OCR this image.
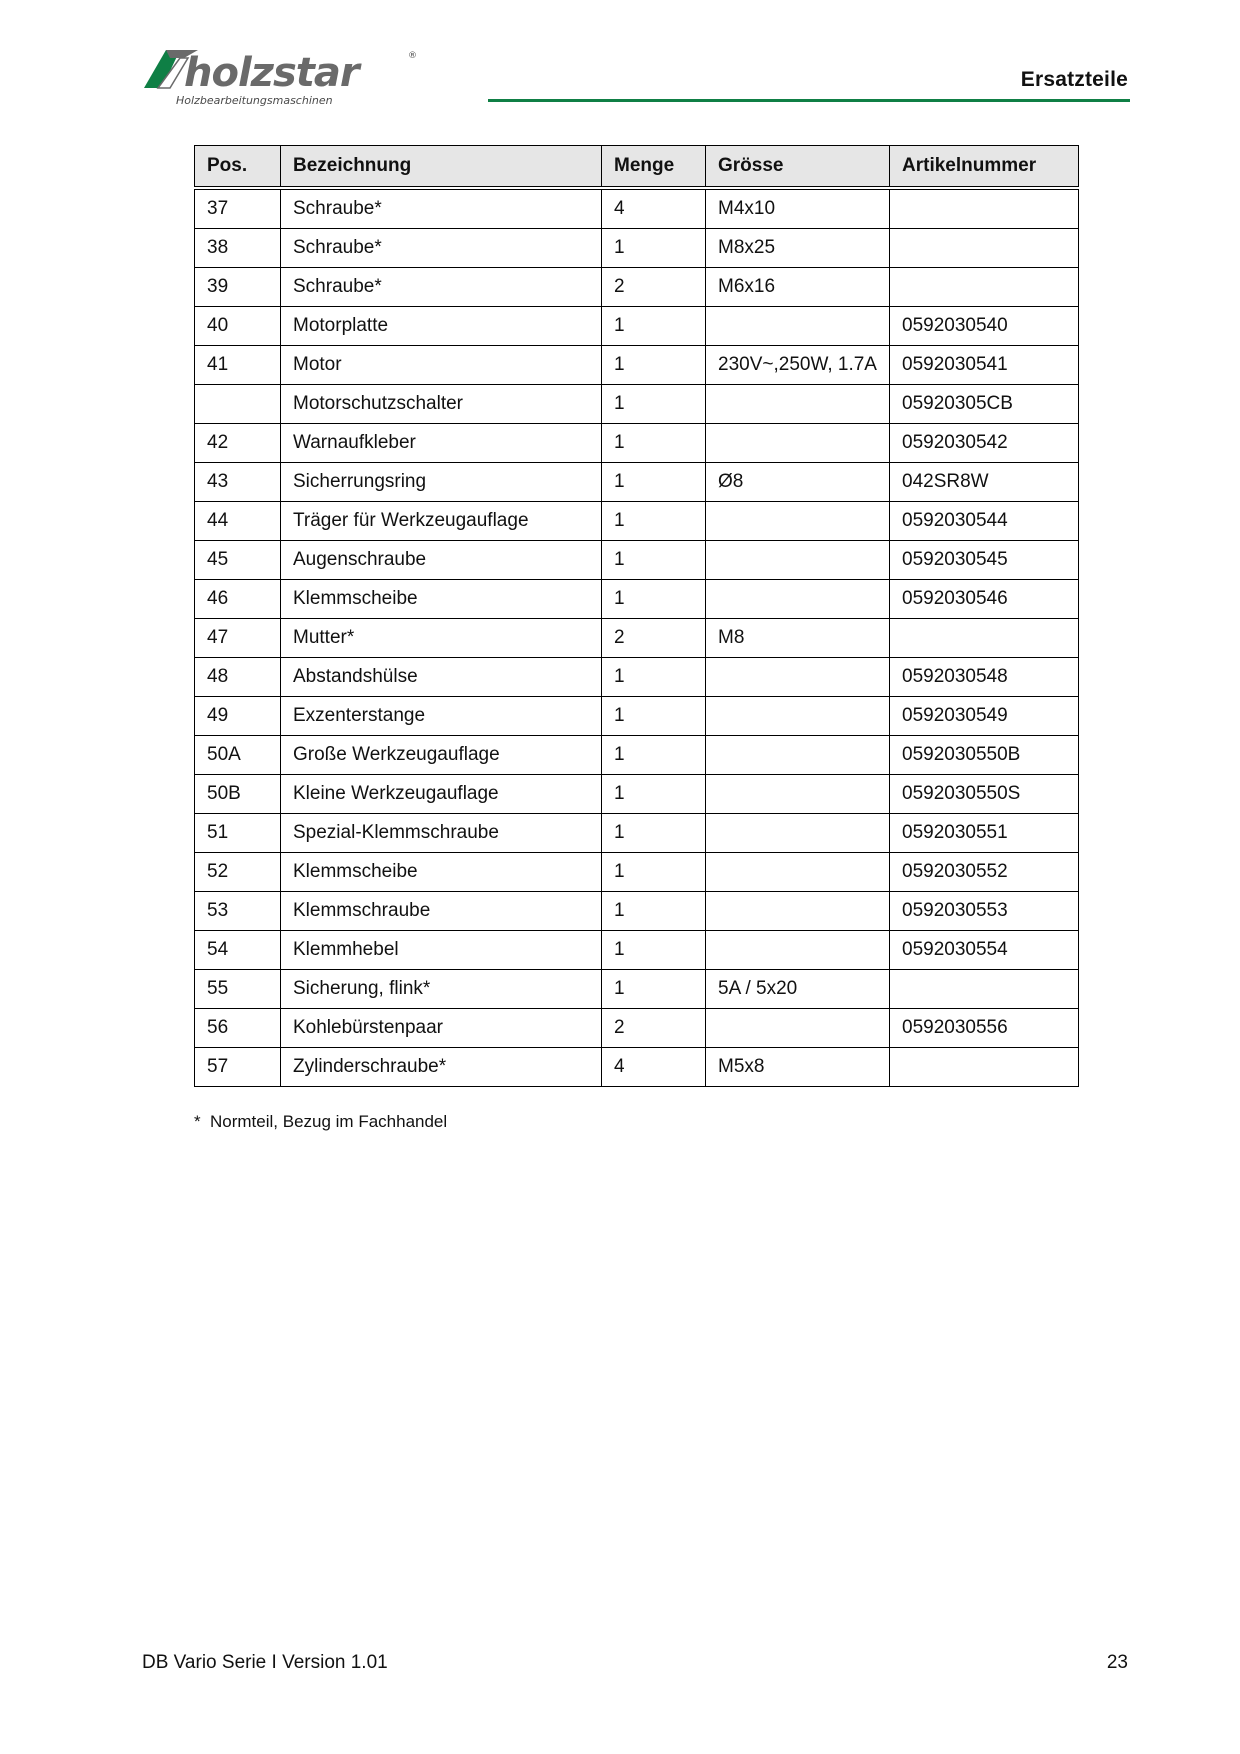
holzstar
Holzbearbeitungsmaschinen
®
Ersatzteile
Pos.	Bezeichnung	Menge	Grösse	Artikelnummer
37	Schraube*	4	M4x10	
38	Schraube*	1	M8x25	
39	Schraube*	2	M6x16	
40	Motorplatte	1		0592030540
41	Motor	1	230V~,250W, 1.7A	0592030541
	Motorschutzschalter	1		05920305CB
42	Warnaufkleber	1		0592030542
43	Sicherrungsring	1	Ø8	042SR8W
44	Träger für Werkzeugauflage	1		0592030544
45	Augenschraube	1		0592030545
46	Klemmscheibe	1		0592030546
47	Mutter*	2	M8	
48	Abstandshülse	1		0592030548
49	Exzenterstange	1		0592030549
50A	Große Werkzeugauflage	1		0592030550B
50B	Kleine Werkzeugauflage	1		0592030550S
51	Spezial-Klemmschraube	1		0592030551
52	Klemmscheibe	1		0592030552
53	Klemmschraube	1		0592030553
54	Klemmhebel	1		0592030554
55	Sicherung, flink*	1	5A / 5x20	
56	Kohlebürstenpaar	2		0592030556
57	Zylinderschraube*	4	M5x8	
* Normteil, Bezug im Fachhandel
DB Vario Serie I Version 1.01	23
